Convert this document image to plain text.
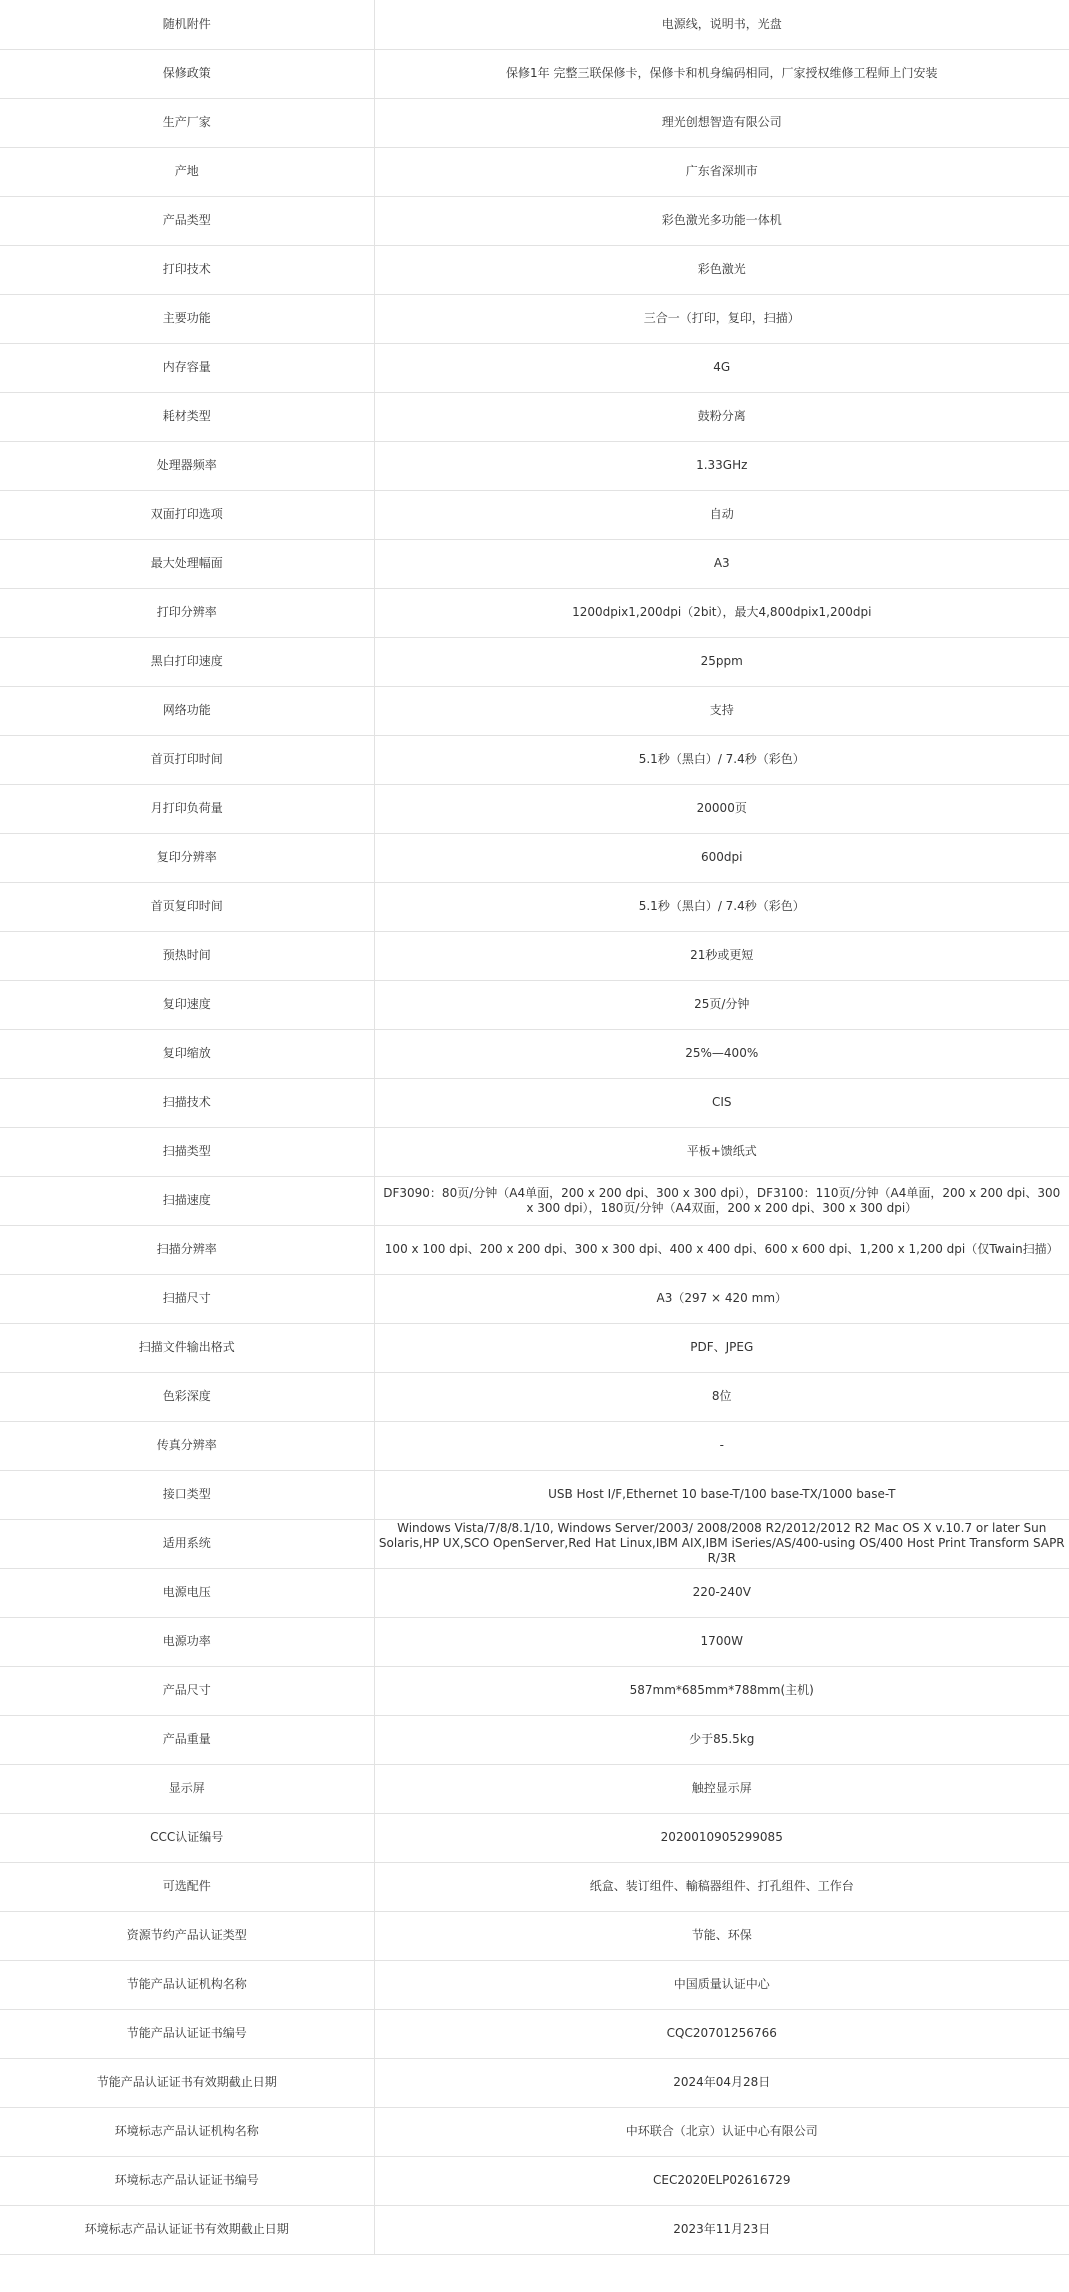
随机附件	电源线，说明书，光盘
保修政策	保修1年 完整三联保修卡，保修卡和机身编码相同，厂家授权维修工程师上门安装
生产厂家	理光创想智造有限公司
产地	广东省深圳市
产品类型	彩色激光多功能一体机
打印技术	彩色激光
主要功能	三合一（打印，复印，扫描）
内存容量	4G
耗材类型	鼓粉分离
处理器频率	1.33GHz
双面打印选项	自动
最大处理幅面	A3
打印分辨率	1200dpix1,200dpi（2bit），最大4,800dpix1,200dpi
黑白打印速度	25ppm
网络功能	支持
首页打印时间	5.1秒（黑白）/ 7.4秒（彩色）
月打印负荷量	20000页
复印分辨率	600dpi
首页复印时间	5.1秒（黑白）/ 7.4秒（彩色）
预热时间	21秒或更短
复印速度	25页/分钟
复印缩放	25%—400%
扫描技术	CIS
扫描类型	平板+馈纸式
扫描速度	DF3090：80页/分钟（A4单面，200 x 200 dpi、300 x 300 dpi），DF3100：110页/分钟（A4单面，200 x 200 dpi、300 x 300 dpi），180页/分钟（A4双面，200 x 200 dpi、300 x 300 dpi）
扫描分辨率	100 x 100 dpi、200 x 200 dpi、300 x 300 dpi、400 x 400 dpi、600 x 600 dpi、1,200 x 1,200 dpi（仅Twain扫描）
扫描尺寸	A3（297 × 420 mm）
扫描文件输出格式	PDF、JPEG
色彩深度	8位
传真分辨率	-
接口类型	USB Host I/F,Ethernet 10 base-T/100 base-TX/1000 base-T
适用系统	Windows Vista/7/8/8.1/10, Windows Server/2003/ 2008/2008 R2/2012/2012 R2 Mac OS X v.10.7 or later Sun Solaris,HP UX,SCO OpenServer,Red Hat Linux,IBM AIX,IBM iSeries/AS/400-using OS/400 Host Print Transform SAPR R/3R
电源电压	220-240V
电源功率	1700W
产品尺寸	587mm*685mm*788mm(主机)
产品重量	少于85.5kg
显示屏	触控显示屏
CCC认证编号	2020010905299085
可选配件	纸盒、装订组件、輸稿器组件、打孔组件、工作台
资源节约产品认证类型	节能、环保
节能产品认证机构名称	中国质量认证中心
节能产品认证证书编号	CQC20701256766
节能产品认证证书有效期截止日期	2024年04月28日
环境标志产品认证机构名称	中环联合（北京）认证中心有限公司
环境标志产品认证证书编号	CEC2020ELP02616729
环境标志产品认证证书有效期截止日期	2023年11月23日
